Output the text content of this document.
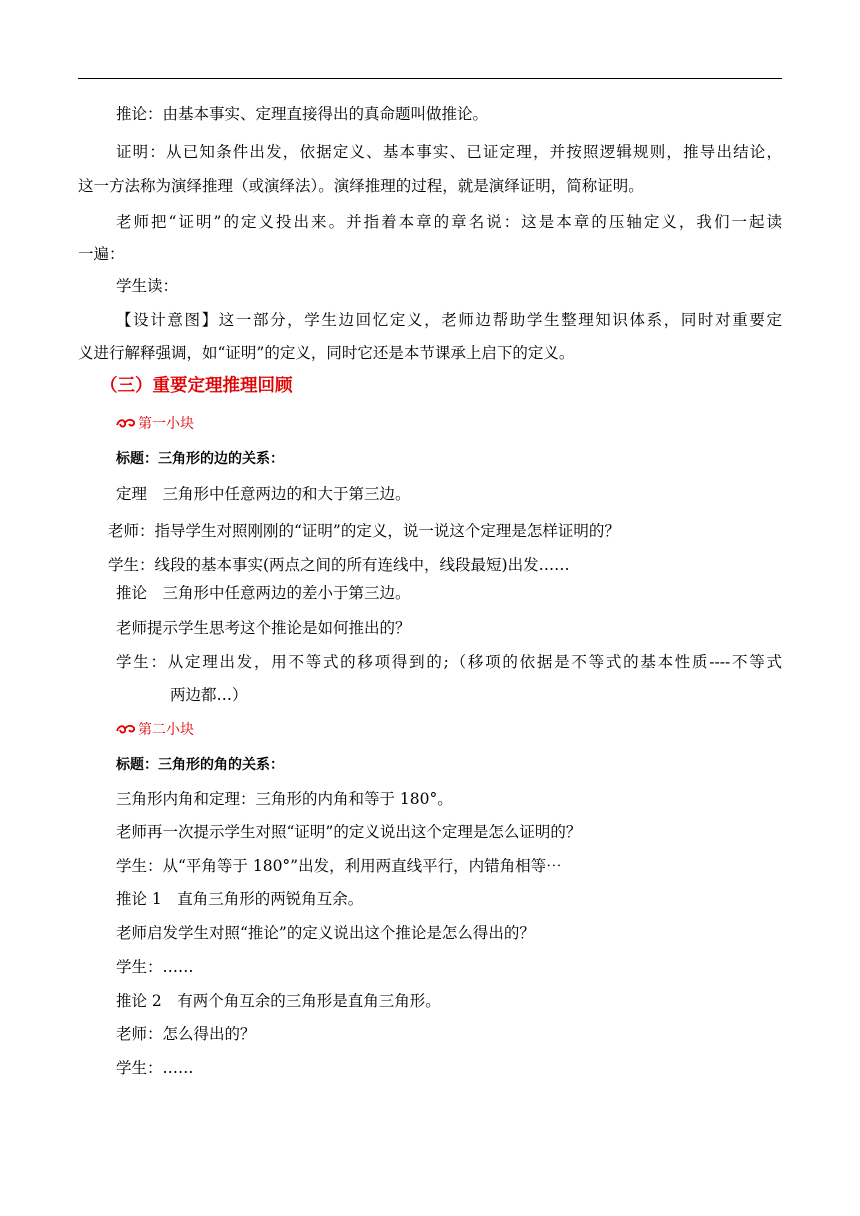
推论：由基本事实、定理直接得出的真命题叫做推论。
证明：从已知条件出发，依据定义、基本事实、已证定理，并按照逻辑规则，推导出结论，
这一方法称为演绎推理（或演绎法）。演绎推理的过程，就是演绎证明，简称证明。
老师把“证明”的定义投出来。并指着本章的章名说：这是本章的压轴定义，我们一起读
一遍：
学生读：
【设计意图】这一部分，学生边回忆定义，老师边帮助学生整理知识体系，同时对重要定
义进行解释强调，如“证明”的定义，同时它还是本节课承上启下的定义。
（三）重要定理推理回顾
第一小块
标题：三角形的边的关系：
定理　三角形中任意两边的和大于第三边。
老师：指导学生对照刚刚的“证明”的定义，说一说这个定理是怎样证明的？
学生：线段的基本事实(两点之间的所有连线中，线段最短)出发……
推论　三角形中任意两边的差小于第三边。
老师提示学生思考这个推论是如何推出的？
学生：从定理出发，用不等式的移项得到的;（移项的依据是不等式的基本性质----不等式
两边都…）
第二小块
标题：三角形的角的关系：
三角形内角和定理：三角形的内角和等于 180°。
老师再一次提示学生对照“证明”的定义说出这个定理是怎么证明的？
学生：从“平角等于 180°”出发，利用两直线平行，内错角相等⋯
推论 1　直角三角形的两锐角互余。
老师启发学生对照“推论”的定义说出这个推论是怎么得出的？
学生：……
推论 2　有两个角互余的三角形是直角三角形。
老师：怎么得出的？
学生：……
